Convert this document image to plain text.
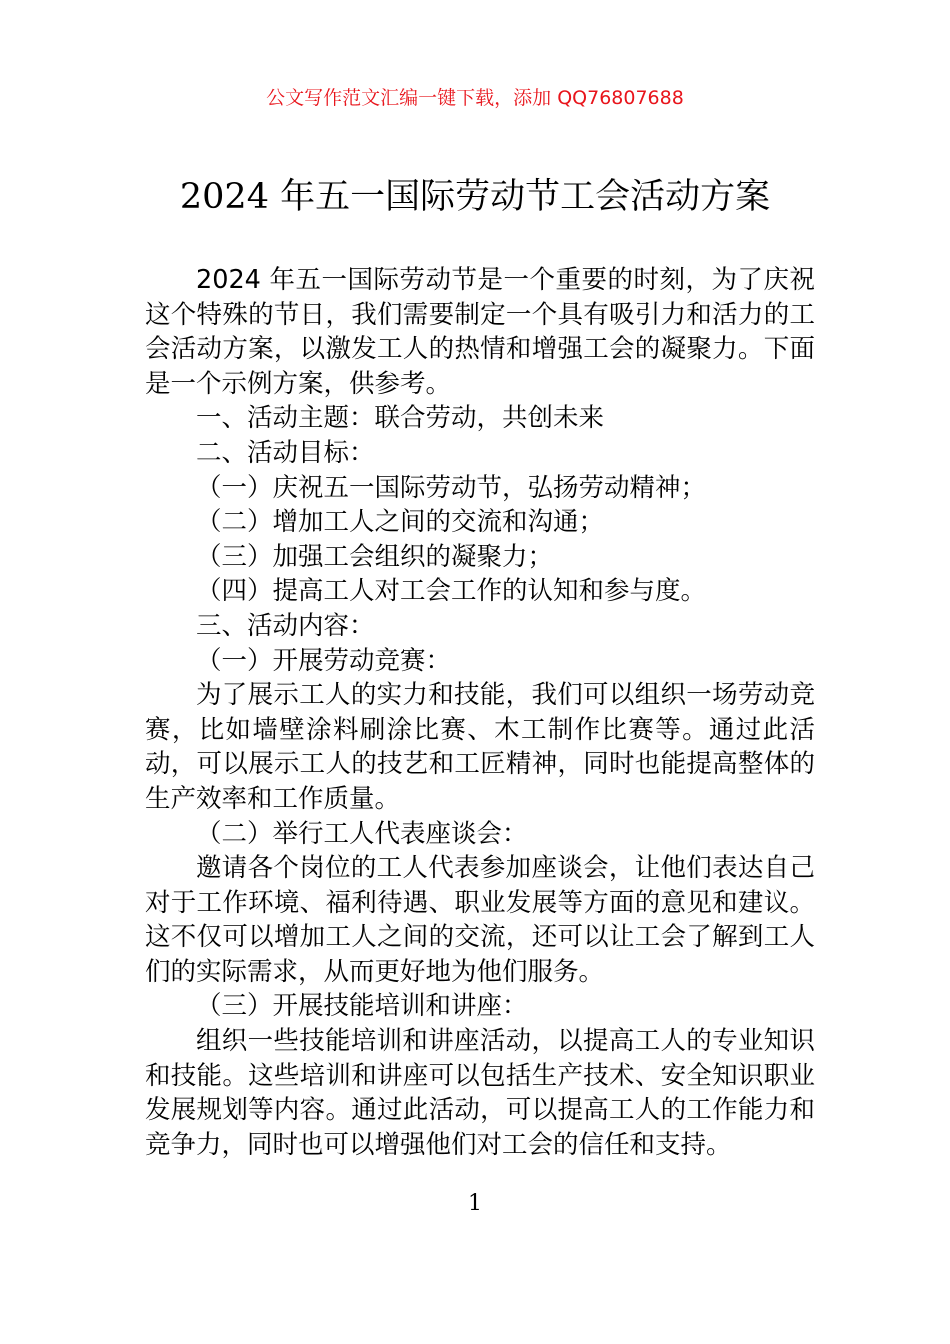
公文写作范文汇编一键下载，添加 QQ76807688
2024 年五一国际劳动节工会活动方案

2024 年五一国际劳动节是一个重要的时刻，为了庆祝这个特殊的节日，我们需要制定一个具有吸引力和活力的工会活动方案，以激发工人的热情和增强工会的凝聚力。下面是一个示例方案，供参考。

一、活动主题：联合劳动，共创未来

二、活动目标：

（一）庆祝五一国际劳动节，弘扬劳动精神；

（二）增加工人之间的交流和沟通；

（三）加强工会组织的凝聚力；

（四）提高工人对工会工作的认知和参与度。

三、活动内容：

（一）开展劳动竞赛：

为了展示工人的实力和技能，我们可以组织一场劳动竞赛，比如墙壁涂料刷涂比赛、木工制作比赛等。通过此活动，可以展示工人的技艺和工匠精神，同时也能提高整体的生产效率和工作质量。

（二）举行工人代表座谈会：

邀请各个岗位的工人代表参加座谈会，让他们表达自己对于工作环境、福利待遇、职业发展等方面的意见和建议。这不仅可以增加工人之间的交流，还可以让工会了解到工人们的实际需求，从而更好地为他们服务。

（三）开展技能培训和讲座：

组织一些技能培训和讲座活动，以提高工人的专业知识和技能。这些培训和讲座可以包括生产技术、安全知识职业发展规划等内容。通过此活动，可以提高工人的工作能力和竞争力，同时也可以增强他们对工会的信任和支持。

1
